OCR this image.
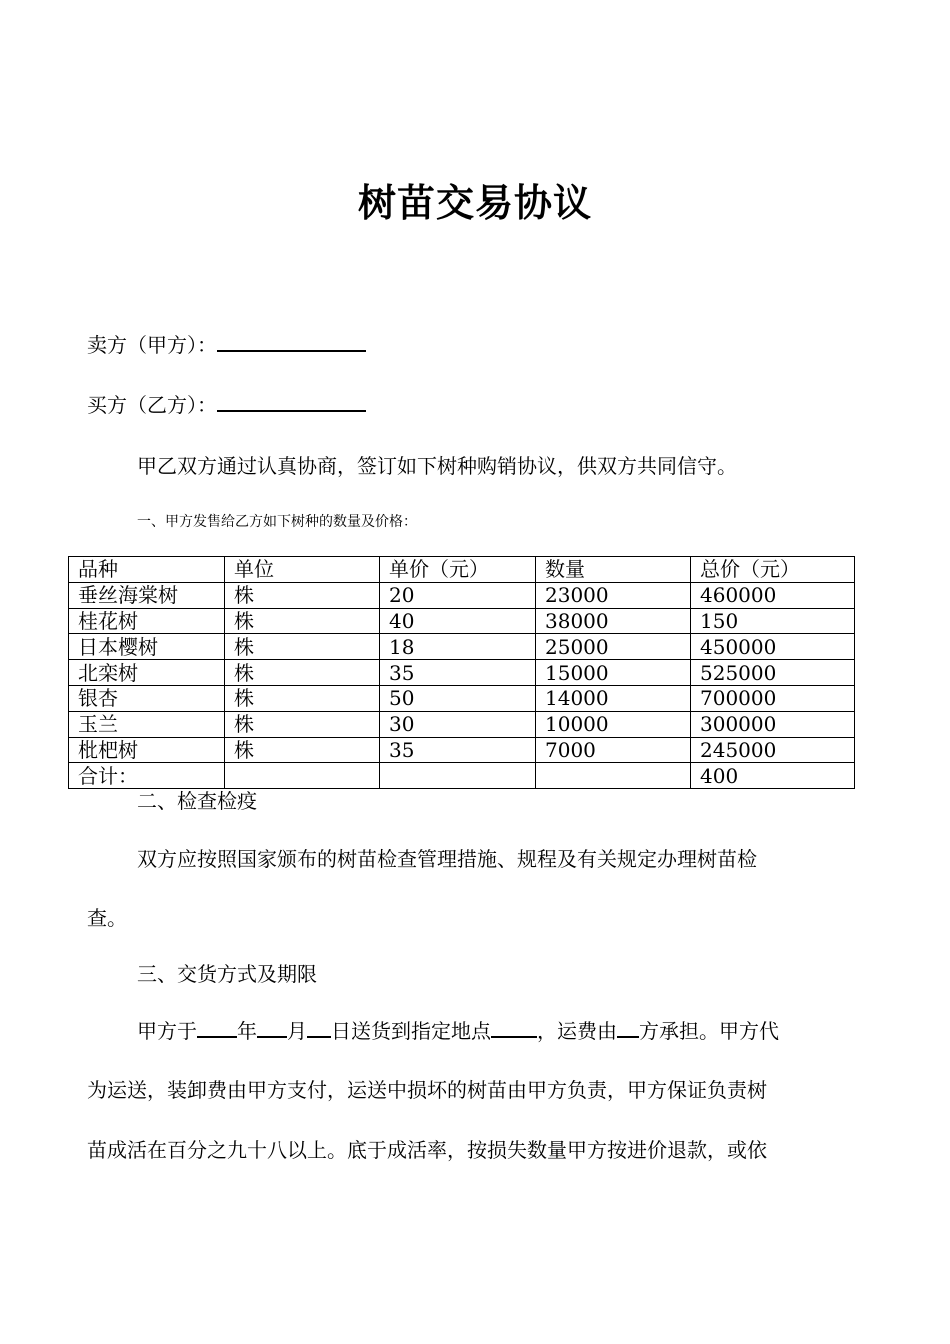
树苗交易协议
卖方（甲方）：
买方（乙方）：
甲乙双方通过认真协商，签订如下树种购销协议，供双方共同信守。
一、甲方发售给乙方如下树种的数量及价格：
品种	单位	单价（元）	数量	总价（元）
垂丝海棠树	株	20	23000	460000
桂花树	株	40	38000	150
日本樱树	株	18	25000	450000
北栾树	株	35	15000	525000
银杏	株	50	14000	700000
玉兰	株	30	10000	300000
枇杷树	株	35	7000	245000
合计：				400
二、检查检疫
双方应按照国家颁布的树苗检查管理措施、规程及有关规定办理树苗检
查。
三、交货方式及期限
甲方于 年 月 日送货到指定地点 ，运费由 方承担。甲方代
为运送，装卸费由甲方支付，运送中损坏的树苗由甲方负责，甲方保证负责树
苗成活在百分之九十八以上。底于成活率，按损失数量甲方按进价退款，或依
